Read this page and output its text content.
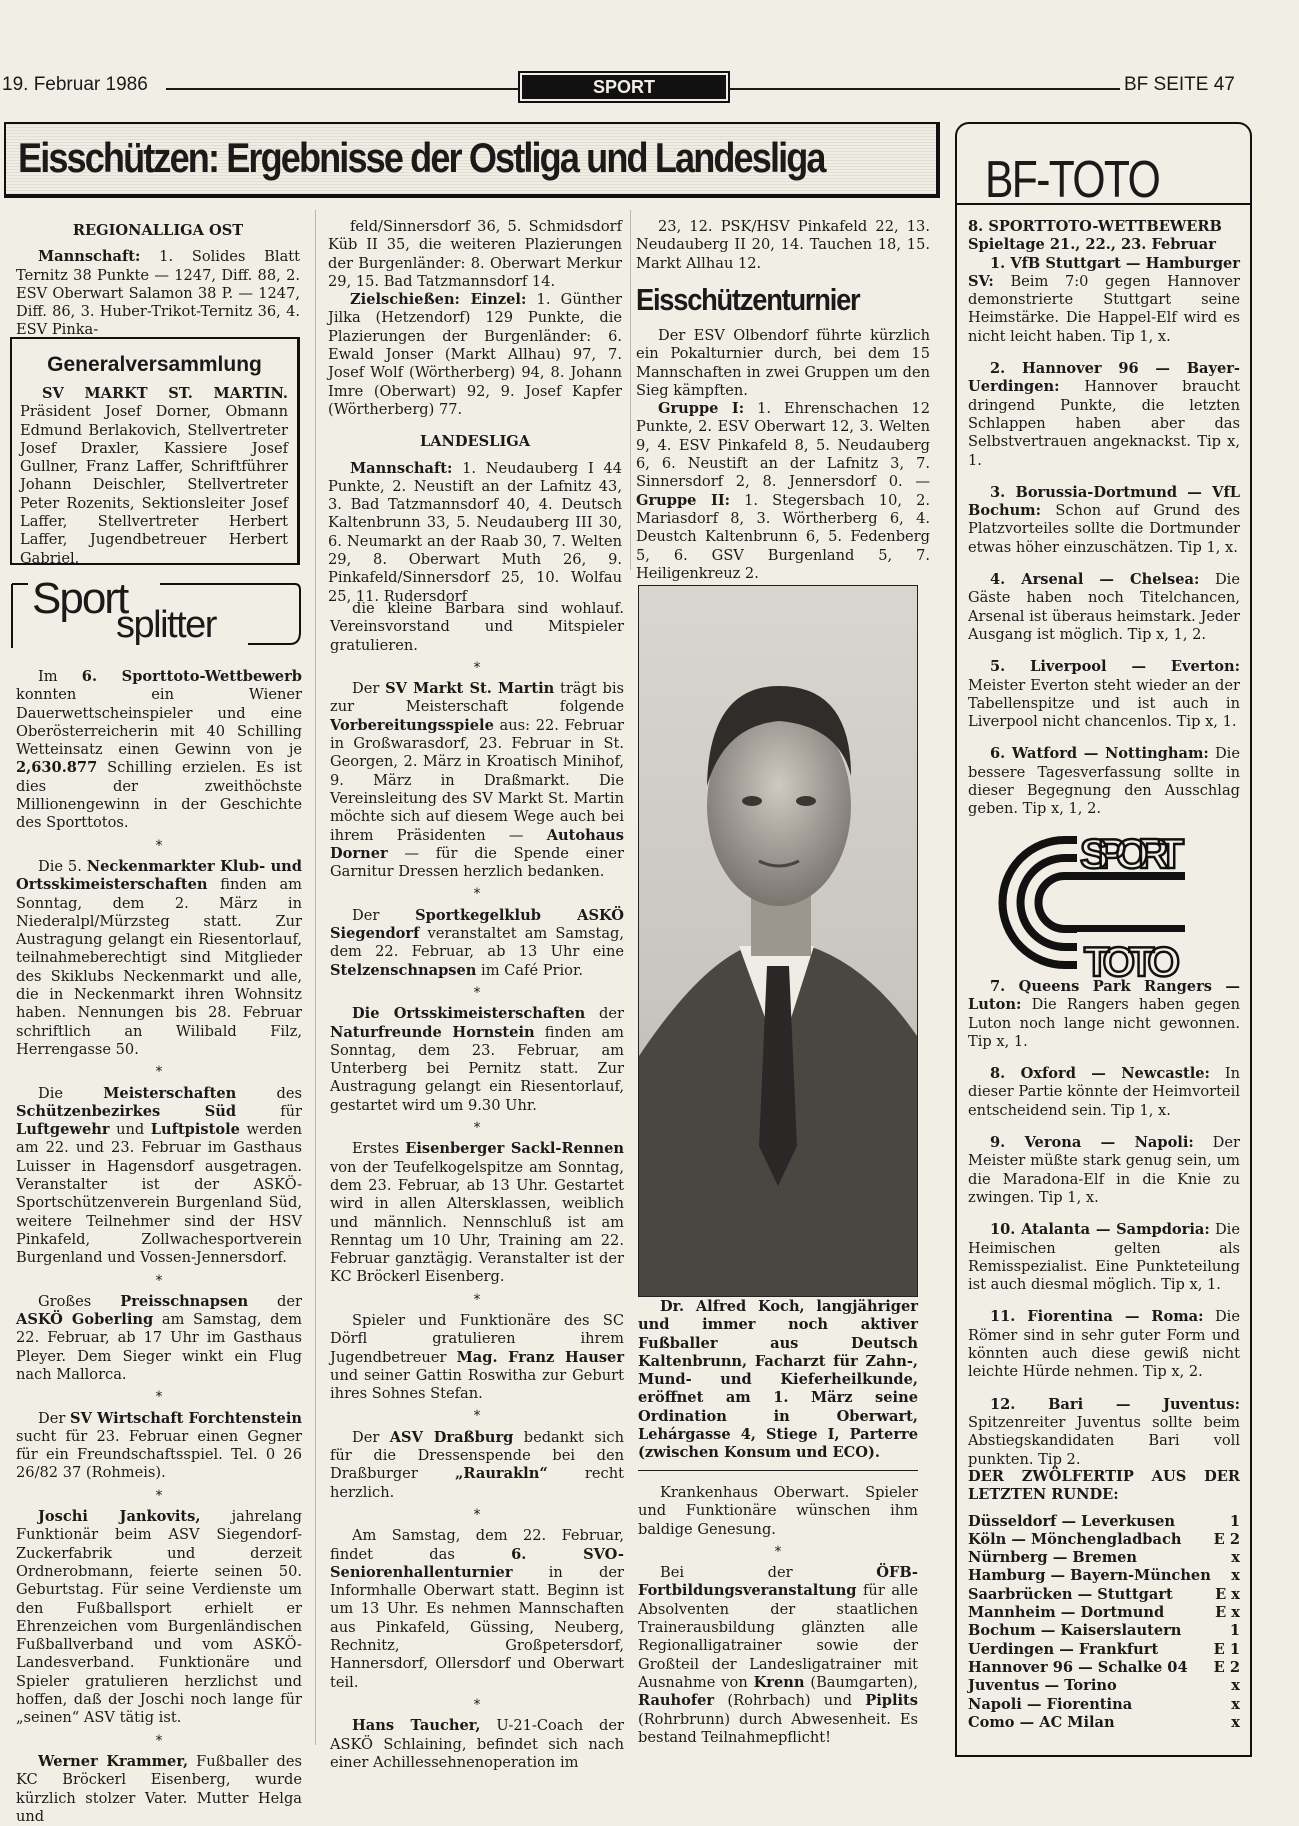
19. Februar 1986	SPORT	BF SEITE 47
Eisschützen: Ergebnisse der Ostliga und Landesliga

REGIONALLIGA OST

Mannschaft: 1. Solides Blatt Ternitz 38 Punkte — 1247, Diff. 88, 2. ESV Oberwart Salamon 38 P. — 1247, Diff. 86, 3. Huber-Trikot-Ternitz 36, 4. ESV Pinka-

Generalversammlung

SV MARKT ST. MARTIN. Präsident Josef Dorner, Obmann Edmund Berlakovich, Stellvertreter Josef Draxler, Kassiere Josef Gullner, Franz Laffer, Schriftführer Johann Deischler, Stellvertreter Peter Rozenits, Sektionsleiter Josef Laffer, Stellvertreter Herbert Laffer, Jugendbetreuer Herbert Gabriel.

feld/Sinnersdorf 36, 5. Schmidsdorf Küb II 35, die weiteren Plazierungen der Burgenländer: 8. Oberwart Merkur 29, 15. Bad Tatzmannsdorf 14.

Zielschießen: Einzel: 1. Günther Jilka (Hetzendorf) 129 Punkte, die Plazierungen der Burgenländer: 6. Ewald Jonser (Markt Allhau) 97, 7. Josef Wolf (Wörtherberg) 94, 8. Johann Imre (Oberwart) 92, 9. Josef Kapfer (Wörtherberg) 77.

LANDESLIGA

Mannschaft: 1. Neudauberg I 44 Punkte, 2. Neustift an der Lafnitz 43, 3. Bad Tatzmannsdorf 40, 4. Deutsch Kaltenbrunn 33, 5. Neudauberg III 30, 6. Neumarkt an der Raab 30, 7. Welten 29, 8. Oberwart Muth 26, 9. Pinkafeld/Sinnersdorf 25, 10. Wolfau 25, 11. Rudersdorf

23, 12. PSK/HSV Pinkafeld 22, 13. Neudauberg II 20, 14. Tauchen 18, 15. Markt Allhau 12.

Eisschützenturnier

Der ESV Olbendorf führte kürzlich ein Pokalturnier durch, bei dem 15 Mannschaften in zwei Gruppen um den Sieg kämpften.

Gruppe I: 1. Ehrenschachen 12 Punkte, 2. ESV Oberwart 12, 3. Welten 9, 4. ESV Pinkafeld 8, 5. Neudauberg 6, 6. Neustift an der Lafnitz 3, 7. Sinnersdorf 2, 8. Jennersdorf 0. — Gruppe II: 1. Stegersbach 10, 2. Mariasdorf 8, 3. Wörtherberg 6, 4. Deustch Kaltenbrunn 6, 5. Fedenberg 5, 6. GSV Burgenland 5, 7. Heiligenkreuz 2.

Sport
splitter

Im 6. Sporttoto-Wettbewerb konnten ein Wiener Dauerwettscheinspieler und eine Oberösterreicherin mit 40 Schilling Wetteinsatz einen Gewinn von je 2,630.877 Schilling erzielen. Es ist dies der zweithöchste Millionengewinn in der Geschichte des Sporttotos.

*

Die 5. Neckenmarkter Klub- und Ortsskimeisterschaften finden am Sonntag, dem 2. März in Niederalpl/Mürzsteg statt. Zur Austragung gelangt ein Riesentorlauf, teilnahmeberechtigt sind Mitglieder des Skiklubs Neckenmarkt und alle, die in Neckenmarkt ihren Wohnsitz haben. Nennungen bis 28. Februar schriftlich an Wilibald Filz, Herrengasse 50.

*

Die Meisterschaften des Schützenbezirkes Süd für Luftgewehr und Luftpistole werden am 22. und 23. Februar im Gasthaus Luisser in Hagensdorf ausgetragen. Veranstalter ist der ASKÖ-Sportschützenverein Burgenland Süd, weitere Teilnehmer sind der HSV Pinkafeld, Zollwachesportverein Burgenland und Vossen-Jennersdorf.

*

Großes Preisschnapsen der ASKÖ Goberling am Samstag, dem 22. Februar, ab 17 Uhr im Gasthaus Pleyer. Dem Sieger winkt ein Flug nach Mallorca.

*

Der SV Wirtschaft Forchtenstein sucht für 23. Februar einen Gegner für ein Freundschaftsspiel. Tel. 0 26 26/82 37 (Rohmeis).

*

Joschi Jankovits, jahrelang Funktionär beim ASV Siegendorf-Zuckerfabrik und derzeit Ordnerobmann, feierte seinen 50. Geburtstag. Für seine Verdienste um den Fußballsport erhielt er Ehrenzeichen vom Burgenländischen Fußballverband und vom ASKÖ-Landesverband. Funktionäre und Spieler gratulieren herzlichst und hoffen, daß der Joschi noch lange für „seinen“ ASV tätig ist.

*

Werner Krammer, Fußballer des KC Bröckerl Eisenberg, wurde kürzlich stolzer Vater. Mutter Helga und

die kleine Barbara sind wohlauf. Vereinsvorstand und Mitspieler gratulieren.

*

Der SV Markt St. Martin trägt bis zur Meisterschaft folgende Vorbereitungsspiele aus: 22. Februar in Großwarasdorf, 23. Februar in St. Georgen, 2. März in Kroatisch Minihof, 9. März in Draßmarkt. Die Vereinsleitung des SV Markt St. Martin möchte sich auf diesem Wege auch bei ihrem Präsidenten — Autohaus Dorner — für die Spende einer Garnitur Dressen herzlich bedanken.

*

Der Sportkegelklub ASKÖ Siegendorf veranstaltet am Samstag, dem 22. Februar, ab 13 Uhr eine Stelzenschnapsen im Café Prior.

*

Die Ortsskimeisterschaften der Naturfreunde Hornstein finden am Sonntag, dem 23. Februar, am Unterberg bei Pernitz statt. Zur Austragung gelangt ein Riesentorlauf, gestartet wird um 9.30 Uhr.

*

Erstes Eisenberger Sackl-Rennen von der Teufelkogelspitze am Sonntag, dem 23. Februar, ab 13 Uhr. Gestartet wird in allen Altersklassen, weiblich und männlich. Nennschluß ist am Renntag um 10 Uhr, Training am 22. Februar ganztägig. Veranstalter ist der KC Bröckerl Eisenberg.

*

Spieler und Funktionäre des SC Dörfl gratulieren ihrem Jugendbetreuer Mag. Franz Hauser und seiner Gattin Roswitha zur Geburt ihres Sohnes Stefan.

*

Der ASV Draßburg bedankt sich für die Dressenspende bei den Draßburger „Raurakln“ recht herzlich.

*

Am Samstag, dem 22. Februar, findet das 6. SVO-Seniorenhallenturnier in der Informhalle Oberwart statt. Beginn ist um 13 Uhr. Es nehmen Mannschaften aus Pinkafeld, Güssing, Neuberg, Rechnitz, Großpetersdorf, Hannersdorf, Ollersdorf und Oberwart teil.

*

Hans Taucher, U-21-Coach der ASKÖ Schlaining, befindet sich nach einer Achillessehnenoperation im

Dr. Alfred Koch, langjähriger und immer noch aktiver Fußballer aus Deutsch Kaltenbrunn, Facharzt für Zahn-, Mund- und Kieferheilkunde, eröffnet am 1. März seine Ordination in Oberwart, Lehárgasse 4, Stiege I, Parterre (zwischen Konsum und ECO).

Krankenhaus Oberwart. Spieler und Funktionäre wünschen ihm baldige Genesung.

*

Bei der ÖFB-Fortbildungsveranstaltung für alle Absolventen der staatlichen Trainerausbildung glänzten alle Regionalligatrainer sowie der Großteil der Landesligatrainer mit Ausnahme von Krenn (Baumgarten), Rauhofer (Rohrbach) und Piplits (Rohrbrunn) durch Abwesenheit. Es bestand Teilnahmepflicht!

BF-TOTO

8. SPORTTOTO-WETTBEWERB

Spieltage 21., 22., 23. Februar

1. VfB Stuttgart — Hamburger SV: Beim 7:0 gegen Hannover demonstrierte Stuttgart seine Heimstärke. Die Happel-Elf wird es nicht leicht haben. Tip 1, x.

2. Hannover 96 — Bayer-Uerdingen: Hannover braucht dringend Punkte, die letzten Schlappen haben aber das Selbstvertrauen angeknackst. Tip x, 1.

3. Borussia-Dortmund — VfL Bochum: Schon auf Grund des Platzvorteiles sollte die Dortmunder etwas höher einzuschätzen. Tip 1, x.

4. Arsenal — Chelsea: Die Gäste haben noch Titelchancen, Arsenal ist überaus heimstark. Jeder Ausgang ist möglich. Tip x, 1, 2.

5. Liverpool — Everton: Meister Everton steht wieder an der Tabellenspitze und ist auch in Liverpool nicht chancenlos. Tip x, 1.

6. Watford — Nottingham: Die bessere Tagesverfassung sollte in dieser Begegnung den Ausschlag geben. Tip x, 1, 2.

SPORT
TOTO

7. Queens Park Rangers — Luton: Die Rangers haben gegen Luton noch lange nicht gewonnen. Tip x, 1.

8. Oxford — Newcastle: In dieser Partie könnte der Heimvorteil entscheidend sein. Tip 1, x.

9. Verona — Napoli: Der Meister müßte stark genug sein, um die Maradona-Elf in die Knie zu zwingen. Tip 1, x.

10. Atalanta — Sampdoria: Die Heimischen gelten als Remisspezialist. Eine Punkteteilung ist auch diesmal möglich. Tip x, 1.

11. Fiorentina — Roma: Die Römer sind in sehr guter Form und könnten auch diese gewiß nicht leichte Hürde nehmen. Tip x, 2.

12. Bari — Juventus: Spitzenreiter Juventus sollte beim Abstiegskandidaten Bari voll punkten. Tip 2.

DER ZWÖLFERTIP AUS DER LETZTEN RUNDE:

Düsseldorf — Leverkusen	1
Köln — Mönchengladbach E 2
Nürnberg — Bremen	x
Hamburg — Bayern-München x
Saarbrücken — Stuttgart	E x
Mannheim — Dortmund	E x
Bochum — Kaiserslautern	1
Uerdingen — Frankfurt	E 1
Hannover 96 — Schalke 04 E 2
Juventus — Torino	x
Napoli — Fiorentina	x
Como — AC Milan	x
